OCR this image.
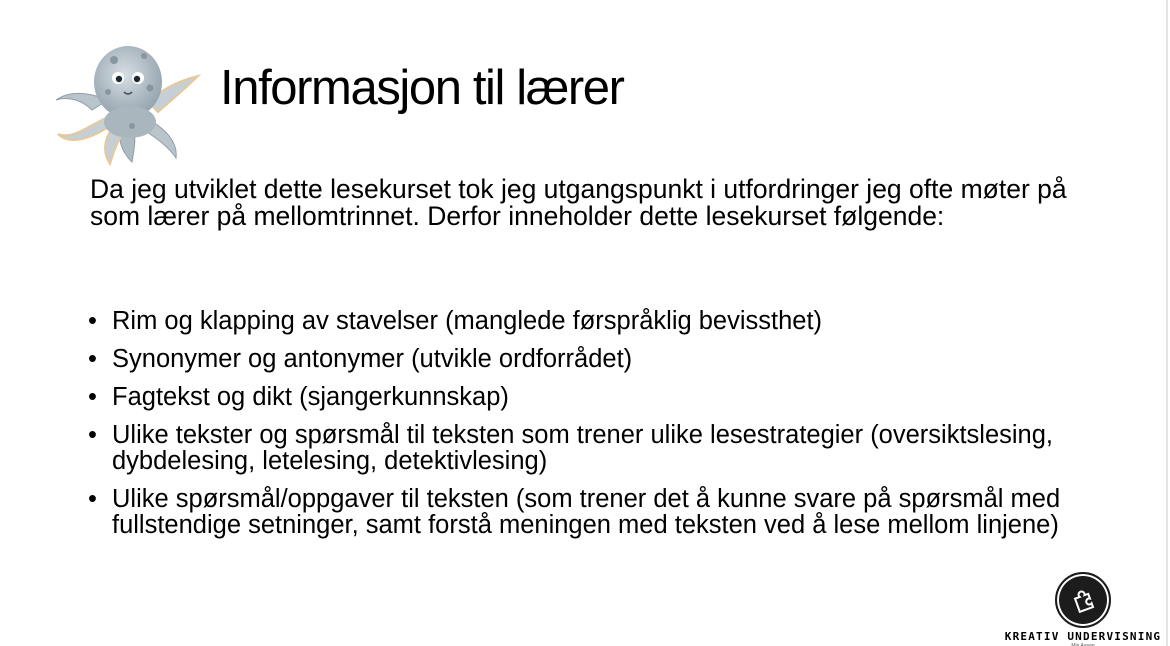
Informasjon til lærer
Da jeg utviklet dette lesekurset tok jeg utgangspunkt i utfordringer jeg ofte møter på som lærer på mellomtrinnet. Derfor inneholder dette lesekurset følgende:
• Rim og klapping av stavelser (manglede førspråklig bevissthet)
• Synonymer og antonymer (utvikle ordforrådet)
• Fagtekst og dikt (sjangerkunnskap)
• Ulike tekster og spørsmål til teksten som trener ulike lesestrategier (oversiktslesing, dybdelesing, letelesing, detektivlesing)
• Ulike spørsmål/oppgaver til teksten (som trener det å kunne svare på spørsmål med fullstendige setninger, samt forstå meningen med teksten ved å lese mellom linjene)
KREATIV UNDERVISNING
Mia Aasen
